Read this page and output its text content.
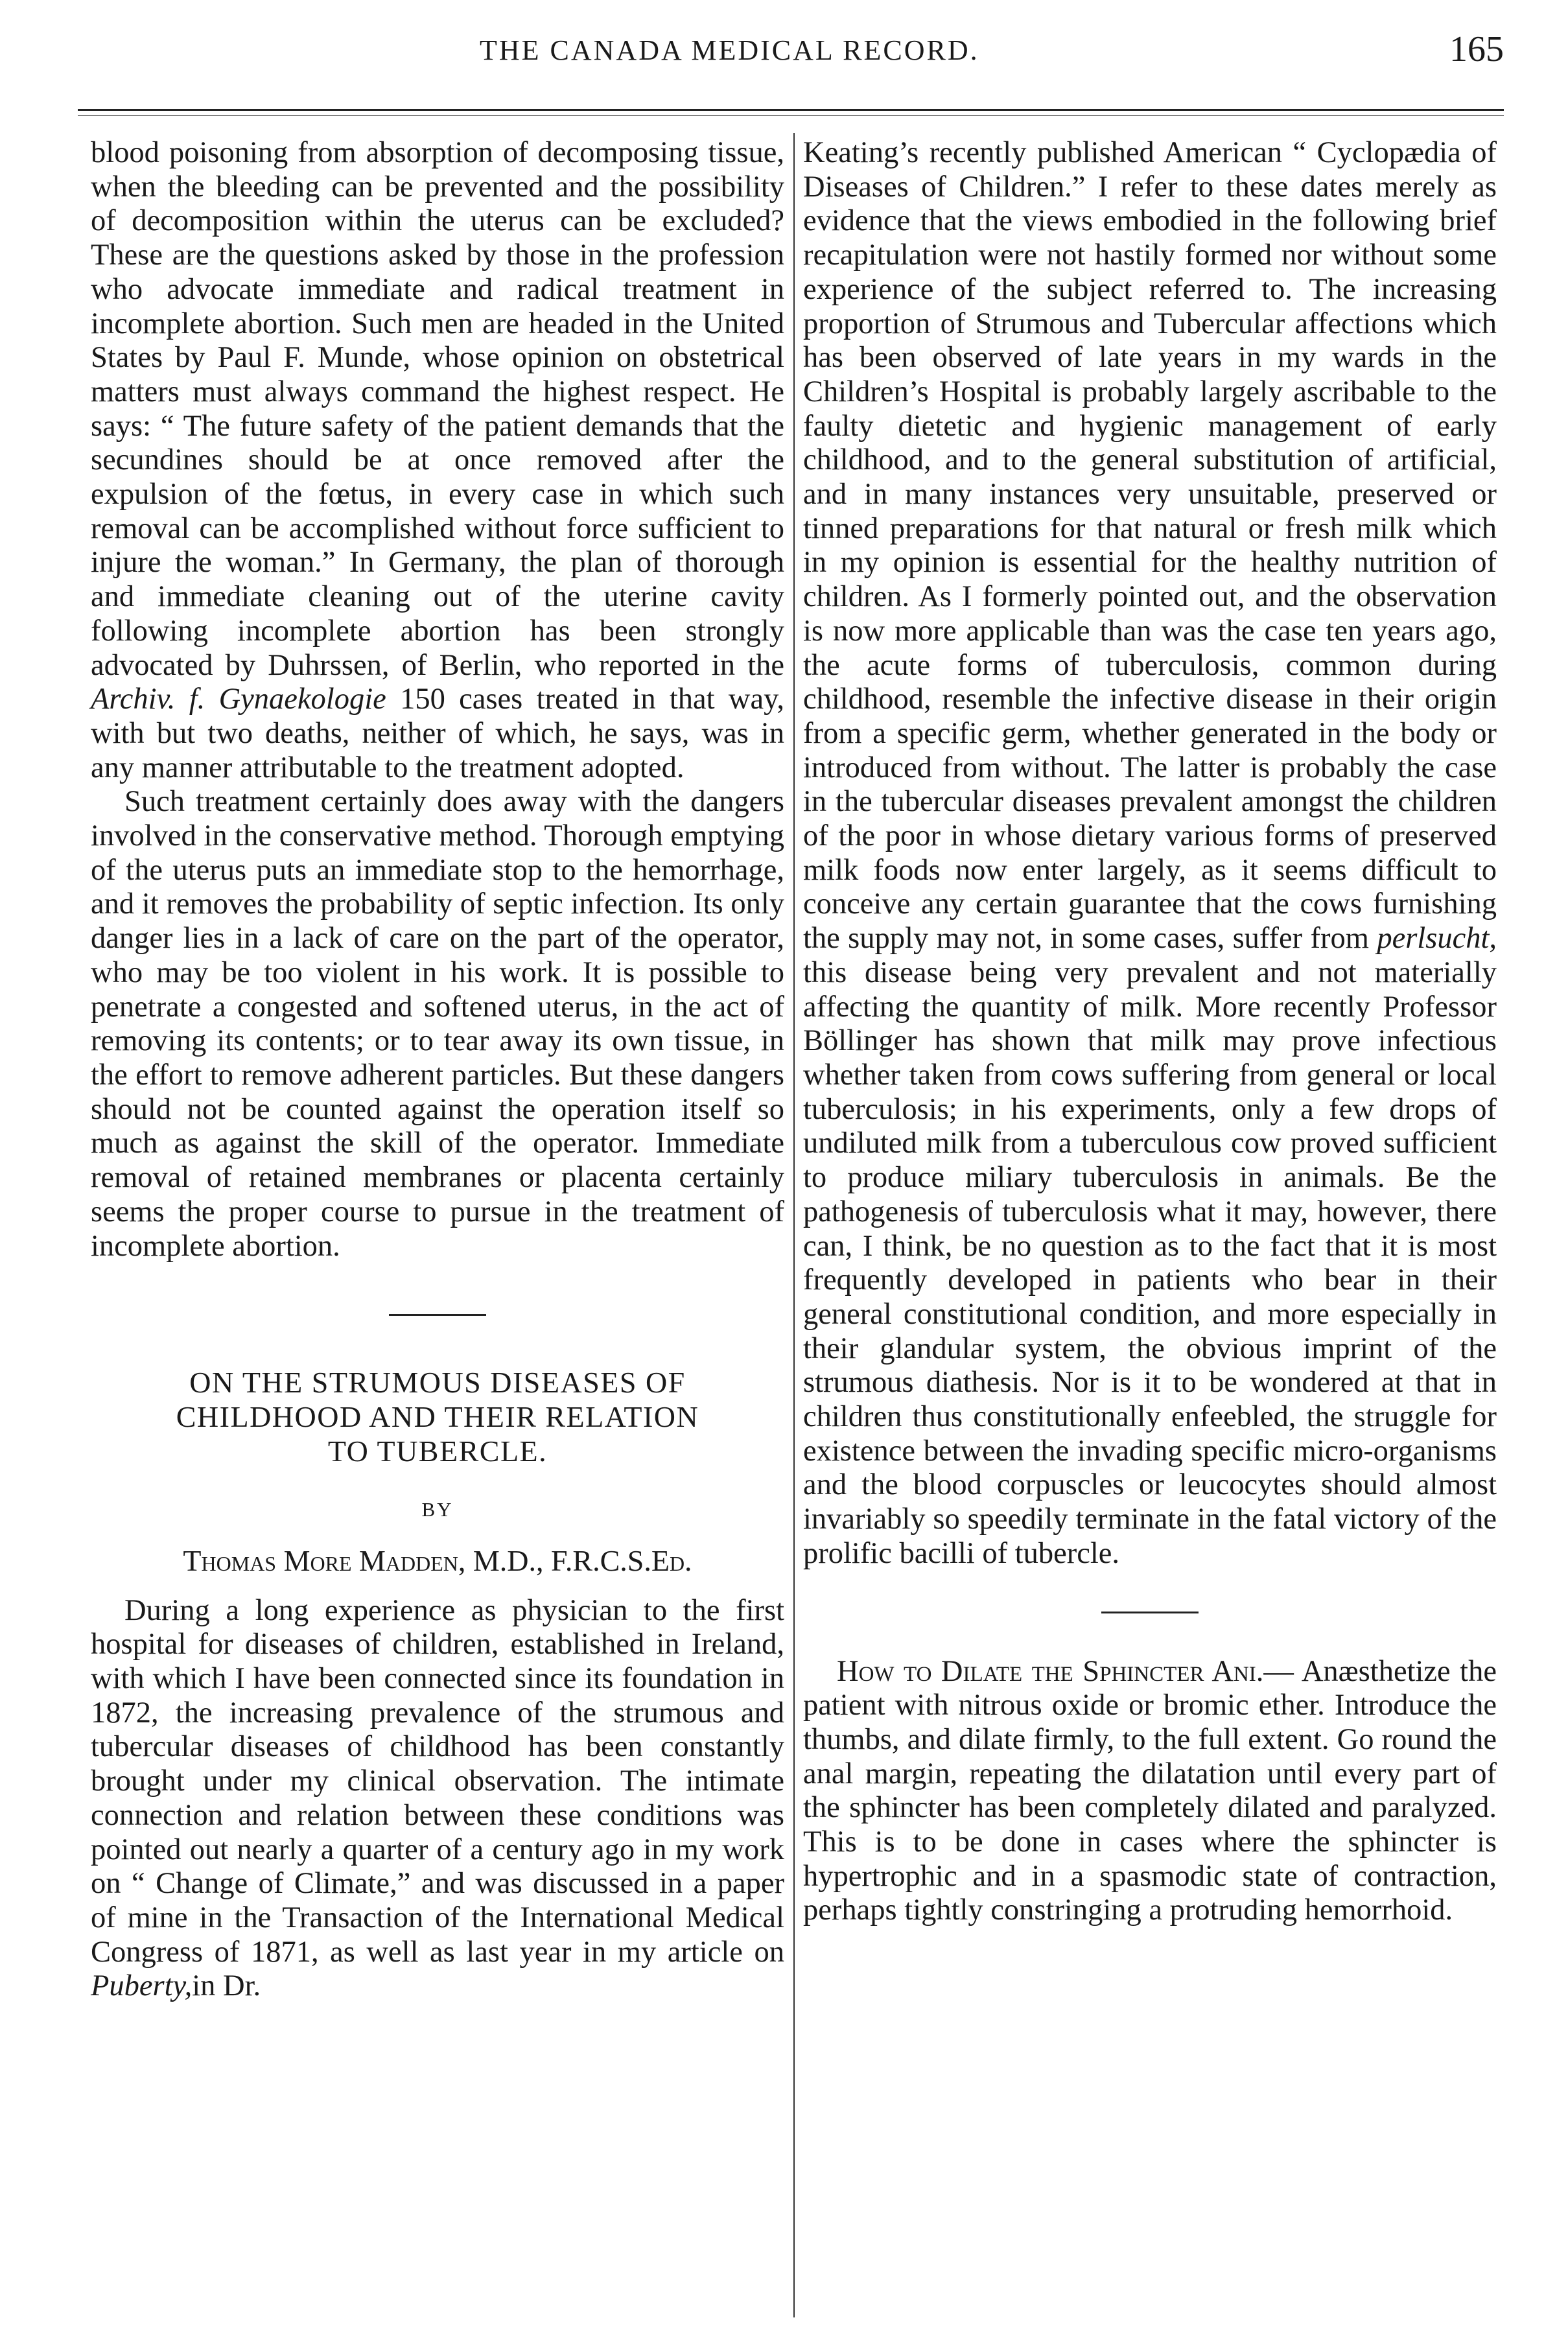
THE CANADA MEDICAL RECORD.	165

blood poisoning from absorption of decomposing tissue, when the bleeding can be prevented and the possibility of decomposition within the uterus can be excluded? These are the questions asked by those in the profession who advocate immediate and radical treatment in incomplete abortion. Such men are headed in the United States by Paul F. Munde, whose opinion on obstetrical matters must always command the highest respect. He says: “ The future safety of the patient demands that the secundines should be at once removed after the expulsion of the fœtus, in every case in which such removal can be accomplished without force sufficient to injure the woman.” In Germany, the plan of thorough and immediate cleaning out of the uterine cavity following incomplete abortion has been strongly advocated by Duhrssen, of Berlin, who reported in the Archiv. f. Gynaekologie 150 cases treated in that way, with but two deaths, neither of which, he says, was in any manner attributable to the treatment adopted.

Such treatment certainly does away with the dangers involved in the conservative method. Thorough emptying of the uterus puts an immediate stop to the hemorrhage, and it removes the probability of septic infection. Its only danger lies in a lack of care on the part of the operator, who may be too violent in his work. It is possible to penetrate a congested and softened uterus, in the act of removing its contents; or to tear away its own tissue, in the effort to remove adherent particles. But these dangers should not be counted against the operation itself so much as against the skill of the operator. Immediate removal of retained membranes or placenta certainly seems the proper course to pursue in the treatment of incomplete abortion.

ON THE STRUMOUS DISEASES OF

CHILDHOOD AND THEIR RELATION

TO TUBERCLE.

BY

Thomas More Madden, M.D., F.R.C.S.Ed.

During a long experience as physician to the first hospital for diseases of children, established in Ireland, with which I have been connected since its foundation in 1872, the increasing prevalence of the strumous and tubercular diseases of childhood has been constantly brought under my clinical observation. The intimate connection and relation between these conditions was pointed out nearly a quarter of a century ago in my work on “ Change of Climate,” and was discussed in a paper of mine in the Transaction of the International Medical Congress of 1871, as well as last year in my article on Puberty,in Dr.

Keating’s recently published American “ Cyclopædia of Diseases of Children.” I refer to these dates merely as evidence that the views embodied in the following brief recapitulation were not hastily formed nor without some experience of the subject referred to. The increasing proportion of Strumous and Tubercular affections which has been observed of late years in my wards in the Children’s Hospital is probably largely ascribable to the faulty dietetic and hygienic management of early childhood, and to the general substitution of artificial, and in many instances very unsuitable, preserved or tinned preparations for that natural or fresh milk which in my opinion is essential for the healthy nutrition of children. As I formerly pointed out, and the observation is now more applicable than was the case ten years ago, the acute forms of tuberculosis, common during childhood, resemble the infective disease in their origin from a specific germ, whether generated in the body or introduced from without. The latter is probably the case in the tubercular diseases prevalent amongst the children of the poor in whose dietary various forms of preserved milk foods now enter largely, as it seems difficult to conceive any certain guarantee that the cows furnishing the supply may not, in some cases, suffer from perlsucht, this disease being very prevalent and not materially affecting the quantity of milk. More recently Professor Böllinger has shown that milk may prove infectious whether taken from cows suffering from general or local tuberculosis; in his experiments, only a few drops of undiluted milk from a tuberculous cow proved sufficient to produce miliary tuberculosis in animals. Be the pathogenesis of tuberculosis what it may, however, there can, I think, be no question as to the fact that it is most frequently developed in patients who bear in their general constitutional condition, and more especially in their glandular system, the obvious imprint of the strumous diathesis. Nor is it to be wondered at that in children thus constitutionally enfeebled, the struggle for existence between the invading specific micro-organisms and the blood corpuscles or leucocytes should almost invariably so speedily terminate in the fatal victory of the prolific bacilli of tubercle.

How to Dilate the Sphincter Ani.— Anæsthetize the patient with nitrous oxide or bromic ether. Introduce the thumbs, and dilate firmly, to the full extent. Go round the anal margin, repeating the dilatation until every part of the sphincter has been completely dilated and paralyzed. This is to be done in cases where the sphincter is hypertrophic and in a spasmodic state of contraction, perhaps tightly constringing a protruding hemorrhoid.
